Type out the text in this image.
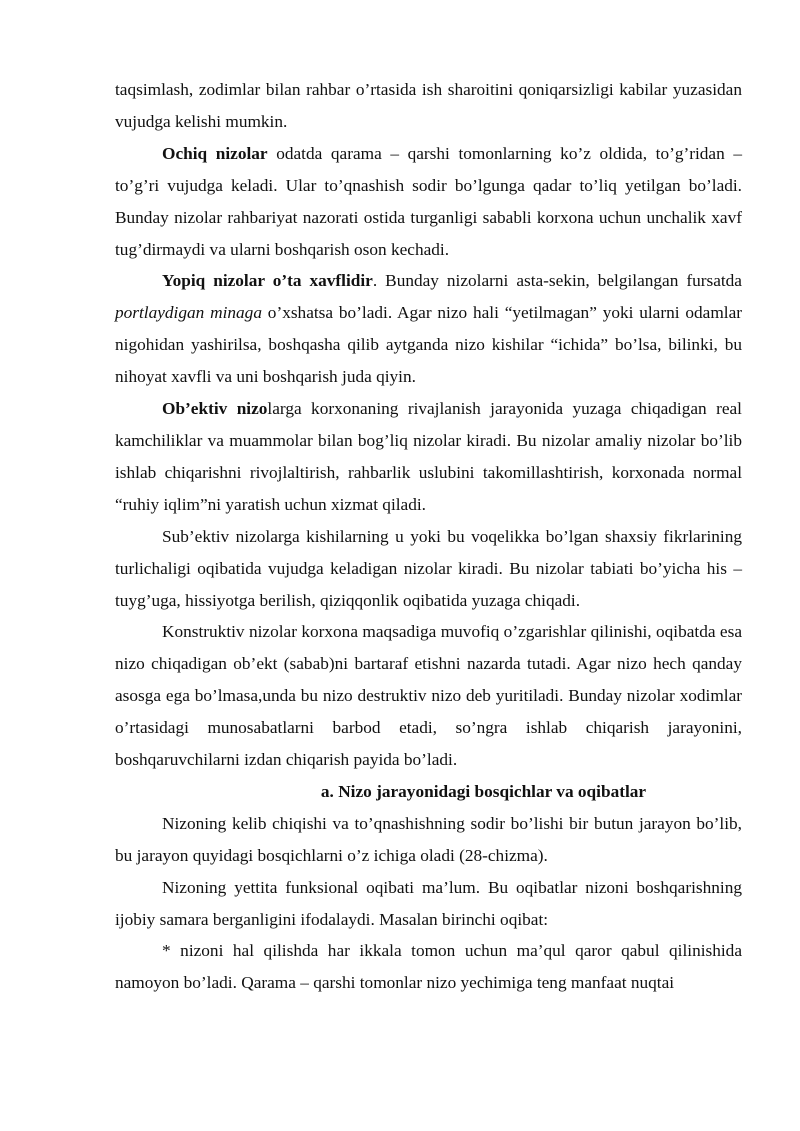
taqsimlash, zodimlar bilan rahbar o’rtasida ish sharoitini qoniqarsizligi kabilar yuzasidan vujudga kelishi mumkin.

Ochiq nizolar odatda qarama – qarshi tomonlarning ko’z oldida, to’g’ridan – to’g’ri vujudga keladi. Ular to’qnashish sodir bo’lgunga qadar to’liq yetilgan bo’ladi. Bunday nizolar rahbariyat nazorati ostida turganligi sababli korxona uchun unchalik xavf tug’dirmaydi va ularni boshqarish oson kechadi.

Yopiq nizolar o’ta xavflidir. Bunday nizolarni asta-sekin, belgilangan fursatda portlaydigan minaga o’xshatsa bo’ladi. Agar nizo hali “yetilmagan” yoki ularni odamlar nigohidan yashirilsa, boshqasha qilib aytganda nizo kishilar “ichida” bo’lsa, bilinki, bu nihoyat xavfli va uni boshqarish juda qiyin.

Ob’ektiv nizolarga korxonaning rivajlanish jarayonida yuzaga chiqadigan real kamchiliklar va muammolar bilan bog’liq nizolar kiradi. Bu nizolar amaliy nizolar bo’lib ishlab chiqarishni rivojlaltirish, rahbarlik uslubini takomillashtirish, korxonada normal “ruhiy iqlim”ni yaratish uchun xizmat qiladi.

Sub’ektiv nizolarga kishilarning u yoki bu voqelikka bo’lgan shaxsiy fikrlarining turlichaligi oqibatida vujudga keladigan nizolar kiradi. Bu nizolar tabiati bo’yicha his – tuyg’uga, hissiyotga berilish, qiziqqonlik oqibatida yuzaga chiqadi.

Konstruktiv nizolar korxona maqsadiga muvofiq o’zgarishlar qilinishi, oqibatda esa nizo chiqadigan ob’ekt (sabab)ni bartaraf etishni nazarda tutadi. Agar nizo hech qanday asosga ega bo’lmasa,unda bu nizo destruktiv nizo deb yuritiladi. Bunday nizolar xodimlar o’rtasidagi munosabatlarni barbod etadi, so’ngra ishlab chiqarish jarayonini, boshqaruvchilarni izdan chiqarish payida bo’ladi.

a. Nizo jarayonidagi bosqichlar va oqibatlar

Nizoning kelib chiqishi va to’qnashishning sodir bo’lishi bir butun jarayon bo’lib, bu jarayon quyidagi bosqichlarni o’z ichiga oladi (28-chizma).

Nizoning yettita funksional oqibati ma’lum. Bu oqibatlar nizoni boshqarishning ijobiy samara berganligini ifodalaydi. Masalan birinchi oqibat:

* nizoni hal qilishda har ikkala tomon uchun ma’qul qaror qabul qilinishida namoyon bo’ladi. Qarama – qarshi tomonlar nizo yechimiga teng manfaat nuqtai
